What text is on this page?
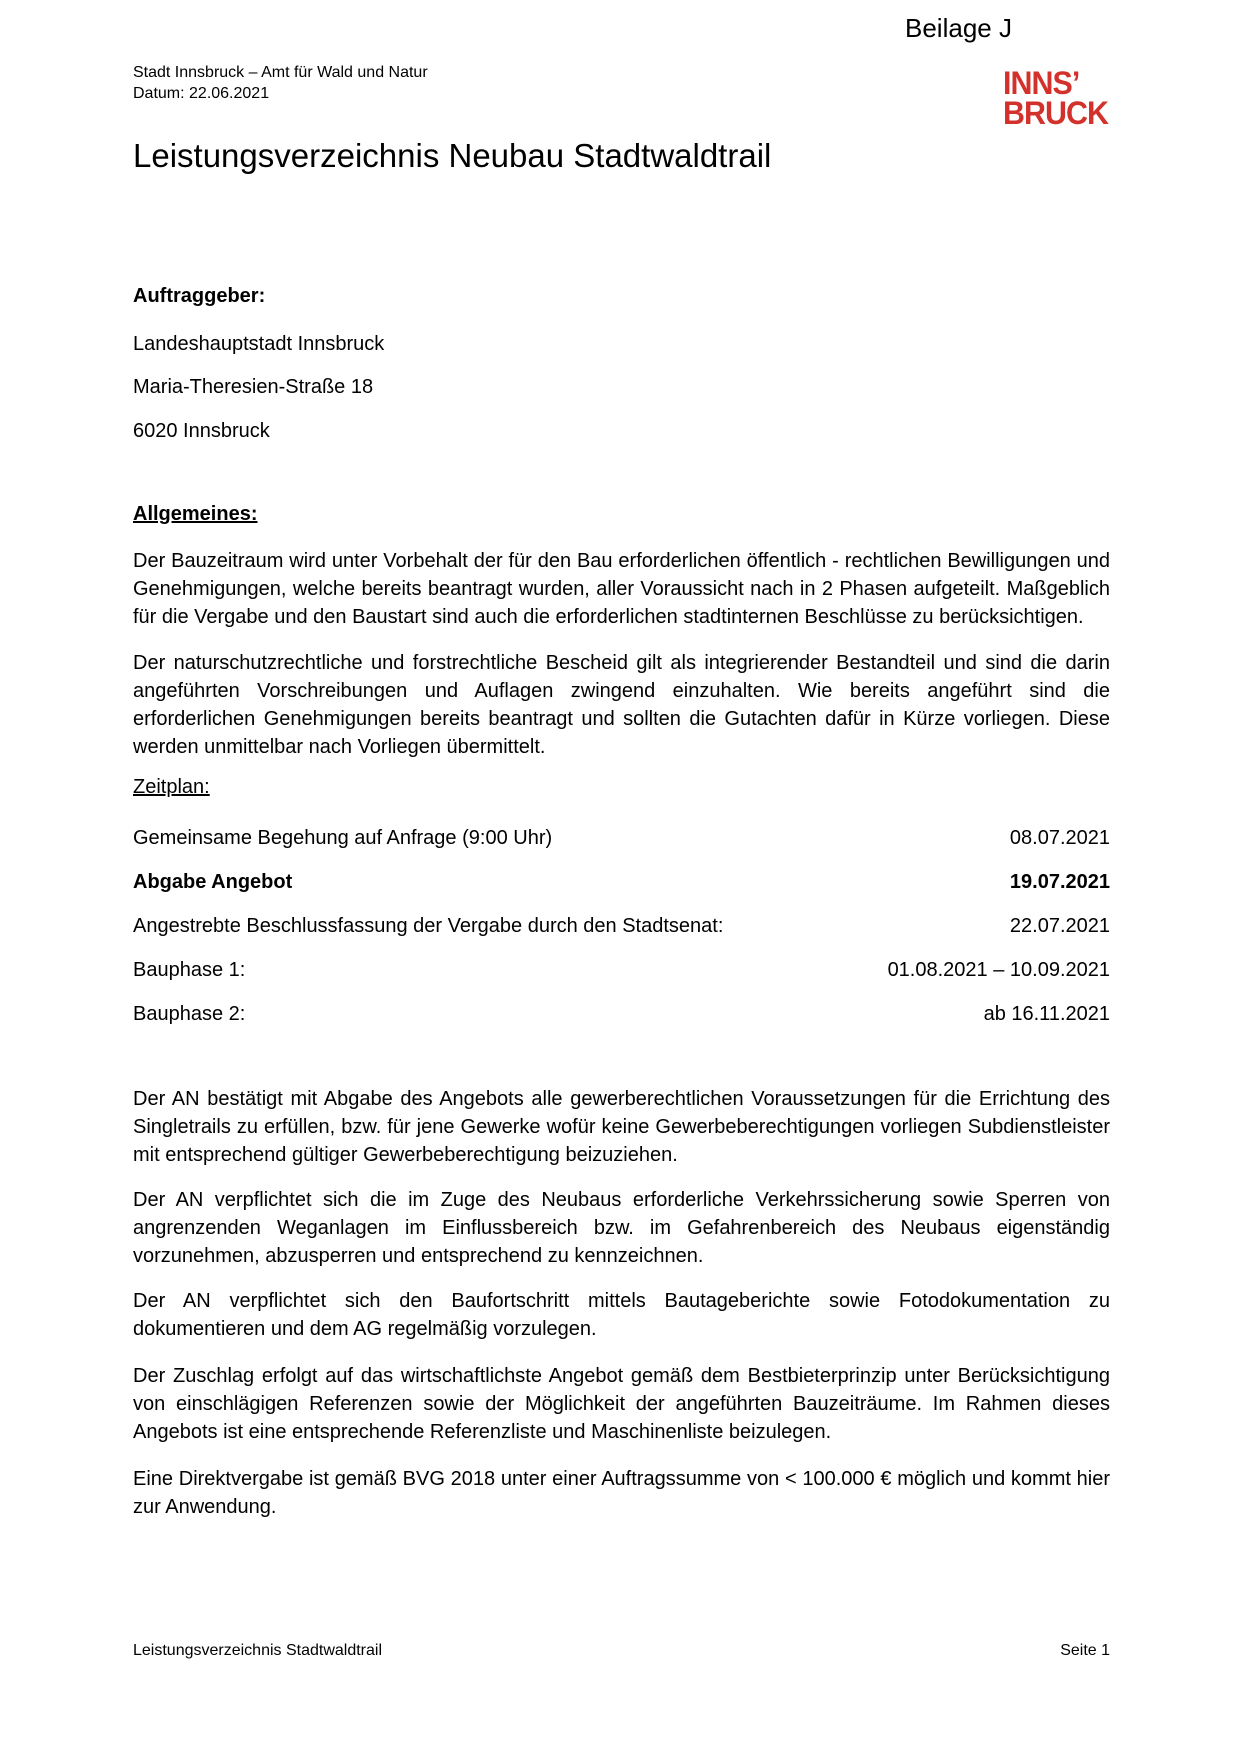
Beilage J
Stadt Innsbruck – Amt für Wald und Natur
Datum: 22.06.2021	INNS’
BRUCK
Leistungsverzeichnis Neubau Stadtwaldtrail
Auftraggeber:
Landeshauptstadt Innsbruck
Maria-Theresien-Straße 18
6020 Innsbruck
Allgemeines:

Der Bauzeitraum wird unter Vorbehalt der für den Bau erforderlichen öffentlich - rechtlichen Bewilligungen und Genehmigungen, welche bereits beantragt wurden, aller Voraussicht nach in 2 Phasen aufgeteilt. Maßgeblich für die Vergabe und den Baustart sind auch die erforderlichen stadtinternen Beschlüsse zu berücksichtigen.

Der naturschutzrechtliche und forstrechtliche Bescheid gilt als integrierender Bestandteil und sind die darin angeführten Vorschreibungen und Auflagen zwingend einzuhalten. Wie bereits angeführt sind die erforderlichen Genehmigungen bereits beantragt und sollten die Gutachten dafür in Kürze vorliegen. Diese werden unmittelbar nach Vorliegen übermittelt.

Zeitplan:
Gemeinsame Begehung auf Anfrage (9:00 Uhr)	08.07.2021
Abgabe Angebot	19.07.2021
Angestrebte Beschlussfassung der Vergabe durch den Stadtsenat:	22.07.2021
Bauphase 1:	01.08.2021 – 10.09.2021
Bauphase 2:	ab 16.11.2021

Der AN bestätigt mit Abgabe des Angebots alle gewerberechtlichen Voraussetzungen für die Errichtung des Singletrails zu erfüllen, bzw. für jene Gewerke wofür keine Gewerbeberechtigungen vorliegen Subdienstleister mit entsprechend gültiger Gewerbeberechtigung beizuziehen.

Der AN verpflichtet sich die im Zuge des Neubaus erforderliche Verkehrssicherung sowie Sperren von angrenzenden Weganlagen im Einflussbereich bzw. im Gefahrenbereich des Neubaus eigenständig vorzunehmen, abzusperren und entsprechend zu kennzeichnen.

Der AN verpflichtet sich den Baufortschritt mittels Bautageberichte sowie Fotodokumentation zu dokumentieren und dem AG regelmäßig vorzulegen.

Der Zuschlag erfolgt auf das wirtschaftlichste Angebot gemäß dem Bestbieterprinzip unter Berücksichtigung von einschlägigen Referenzen sowie der Möglichkeit der angeführten Bauzeiträume. Im Rahmen dieses Angebots ist eine entsprechende Referenzliste und Maschinenliste beizulegen.

Eine Direktvergabe ist gemäß BVG 2018 unter einer Auftragssumme von < 100.000 € möglich und kommt hier zur Anwendung.

Leistungsverzeichnis Stadtwaldtrail	Seite 1
